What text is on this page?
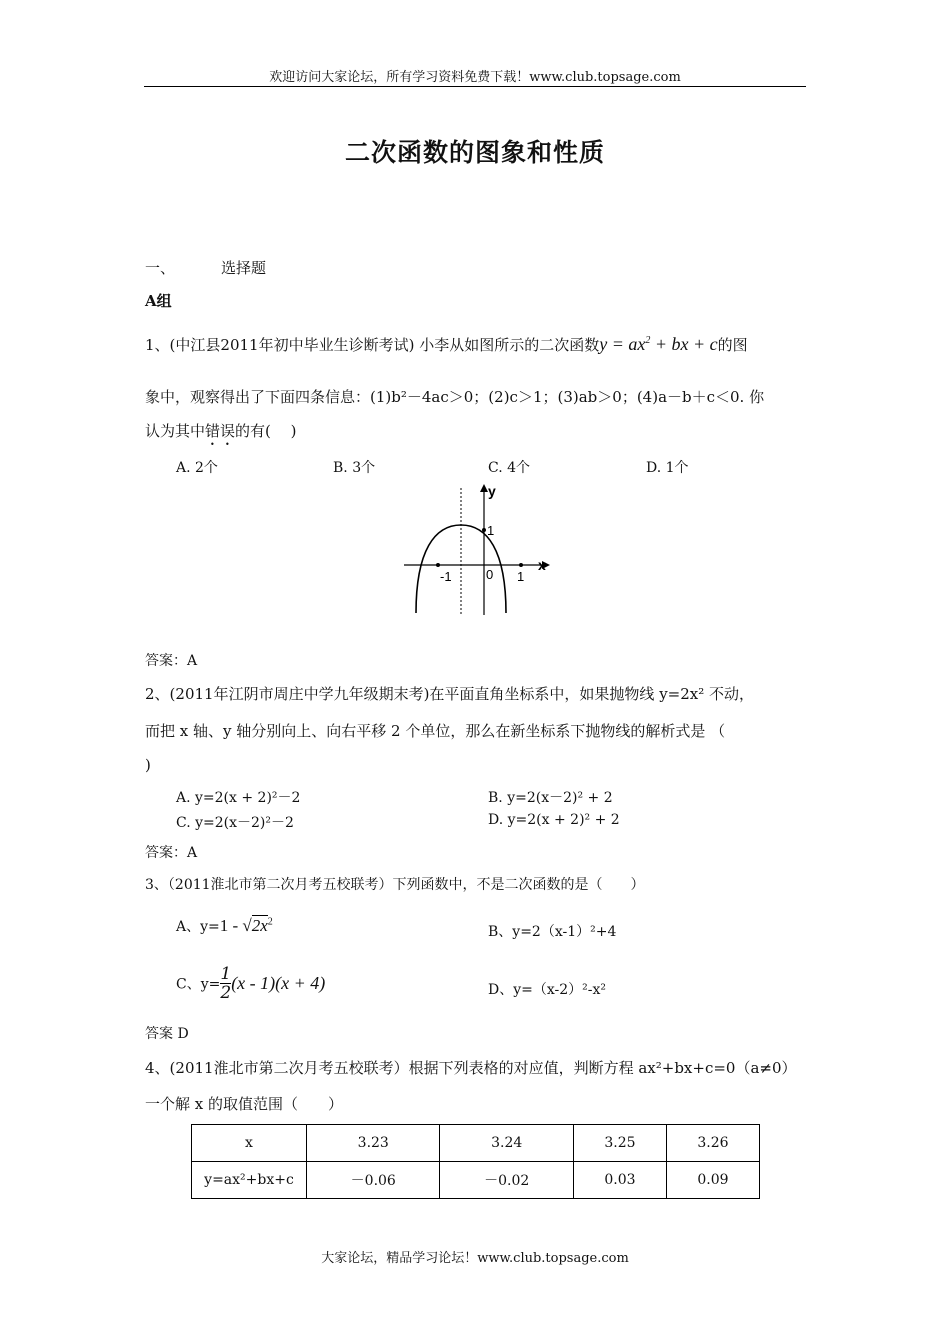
欢迎访问大家论坛，所有学习资料免费下载！www.club.topsage.com
二次函数的图象和性质
一、	选择题
A组
1、(中江县2011年初中毕业生诊断考试) 小李从如图所示的二次函数$y = ax^2$ + bx + c的图
象中，观察得出了下面四条信息：(1)b²－4ac＞0；(2)c＞1；(3)ab＞0；(4)a－b＋c＜0. 你
认为其中错误的有(　 )
A. 2个	B. 3个	C. 4个	D. 1个
y
x
1
-1	0 1
答案：A
2、(2011年江阴市周庄中学九年级期末考)在平面直角坐标系中，如果抛物线 y=2x² 不动，
而把 x 轴、y 轴分别向上、向右平移 2 个单位，那么在新坐标系下抛物线的解析式是 （
)
A. y=2(x + 2)²－2	B. y=2(x－2)² + 2
C. y=2(x－2)²－2	D. y=2(x + 2)² + 2
答案：A
3、（2011淮北市第二次月考五校联考）下列函数中，不是二次函数的是（　　）
A、$y=1 - √2x^2$
B、y=2（x-1）²+4
C、$y= \frac{1}{2} (x - 1)(x + 4)$	D、y=（x-2）²-x²
答案 D
4、(2011淮北市第二次月考五校联考）根据下列表格的对应值，判断方程 ax²+bx+c=0（a≠0）
一个解 x 的取值范围（　　）
x	3.23	3.24	3.25	3.26
y=ax²+bx+c	－0.06	－0.02	0.03	0.09
大家论坛，精品学习论坛！www.club.topsage.com
